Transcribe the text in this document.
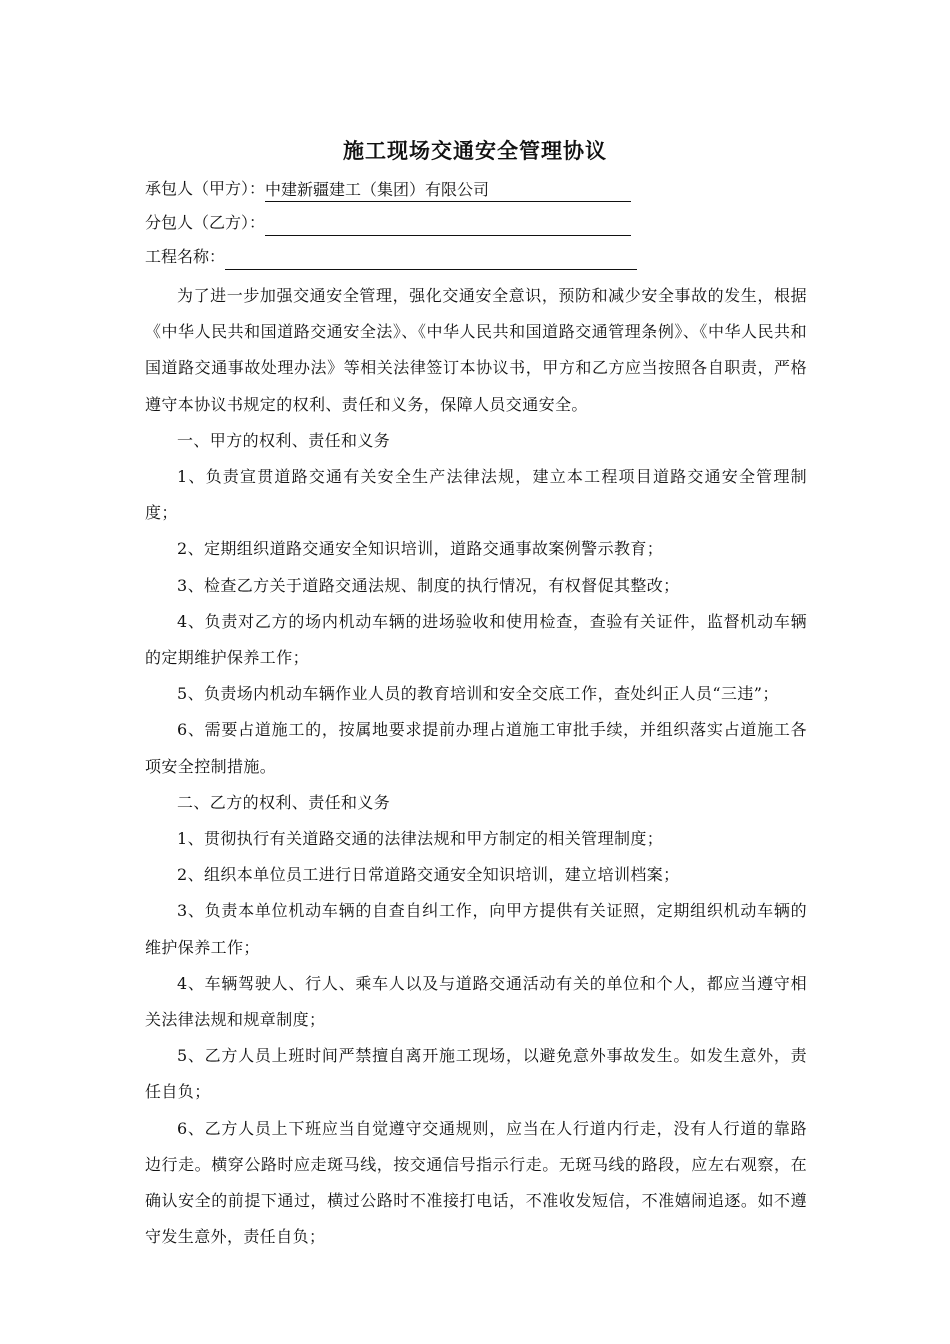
施工现场交通安全管理协议
承包人（甲方）： 中建新疆建工（集团）有限公司
分包人（乙方）：
工程名称：

为了进一步加强交通安全管理，强化交通安全意识，预防和减少安全事故的发生，根据《中华人民共和国道路交通安全法》、《中华人民共和国道路交通管理条例》、《中华人民共和国道路交通事故处理办法》等相关法律签订本协议书，甲方和乙方应当按照各自职责，严格遵守本协议书规定的权利、责任和义务，保障人员交通安全。

一、甲方的权利、责任和义务

1、负责宣贯道路交通有关安全生产法律法规，建立本工程项目道路交通安全管理制度；

2、定期组织道路交通安全知识培训，道路交通事故案例警示教育；

3、检查乙方关于道路交通法规、制度的执行情况，有权督促其整改；

4、负责对乙方的场内机动车辆的进场验收和使用检查，查验有关证件，监督机动车辆的定期维护保养工作；

5、负责场内机动车辆作业人员的教育培训和安全交底工作，查处纠正人员“三违”；

6、需要占道施工的，按属地要求提前办理占道施工审批手续，并组织落实占道施工各项安全控制措施。

二、乙方的权利、责任和义务

1、贯彻执行有关道路交通的法律法规和甲方制定的相关管理制度；

2、组织本单位员工进行日常道路交通安全知识培训，建立培训档案；

3、负责本单位机动车辆的自查自纠工作，向甲方提供有关证照，定期组织机动车辆的维护保养工作；

4、车辆驾驶人、行人、乘车人以及与道路交通活动有关的单位和个人，都应当遵守相关法律法规和规章制度；

5、乙方人员上班时间严禁擅自离开施工现场，以避免意外事故发生。如发生意外，责任自负；

6、乙方人员上下班应当自觉遵守交通规则，应当在人行道内行走，没有人行道的靠路边行走。横穿公路时应走斑马线，按交通信号指示行走。无斑马线的路段，应左右观察，在确认安全的前提下通过，横过公路时不准接打电话，不准收发短信，不准嬉闹追逐。如不遵守发生意外，责任自负；
